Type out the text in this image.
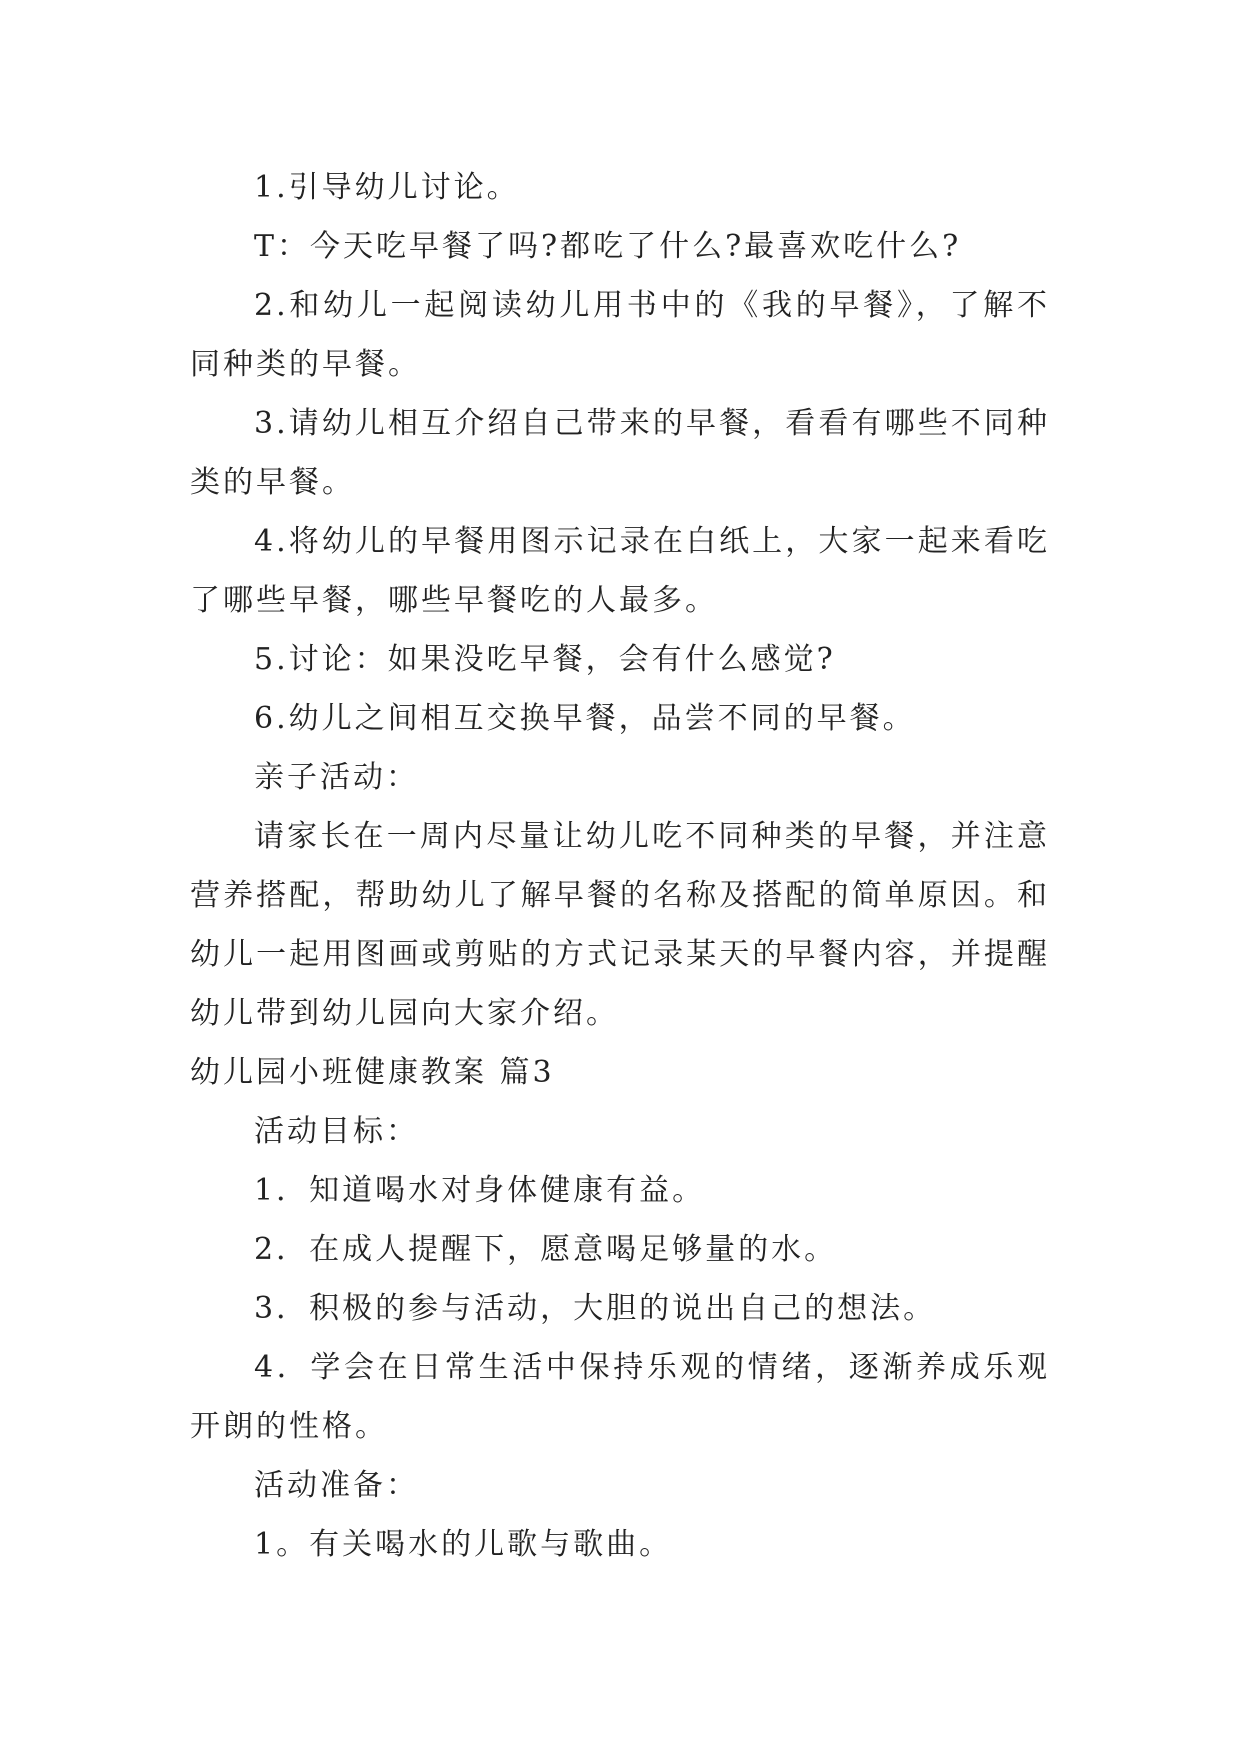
1.引导幼儿讨论。

T：今天吃早餐了吗?都吃了什么?最喜欢吃什么?

2.和幼儿一起阅读幼儿用书中的《我的早餐》，了解不同种类的早餐。

3.请幼儿相互介绍自己带来的早餐，看看有哪些不同种类的早餐。

4.将幼儿的早餐用图示记录在白纸上，大家一起来看吃了哪些早餐，哪些早餐吃的人最多。

5.讨论：如果没吃早餐，会有什么感觉?

6.幼儿之间相互交换早餐，品尝不同的早餐。

亲子活动：

请家长在一周内尽量让幼儿吃不同种类的早餐，并注意营养搭配，帮助幼儿了解早餐的名称及搭配的简单原因。和幼儿一起用图画或剪贴的方式记录某天的早餐内容，并提醒幼儿带到幼儿园向大家介绍。

幼儿园小班健康教案 篇3

活动目标：

1．知道喝水对身体健康有益。

2．在成人提醒下，愿意喝足够量的水。

3．积极的参与活动，大胆的说出自己的想法。

4．学会在日常生活中保持乐观的情绪，逐渐养成乐观开朗的性格。

活动准备：

1。有关喝水的儿歌与歌曲。
